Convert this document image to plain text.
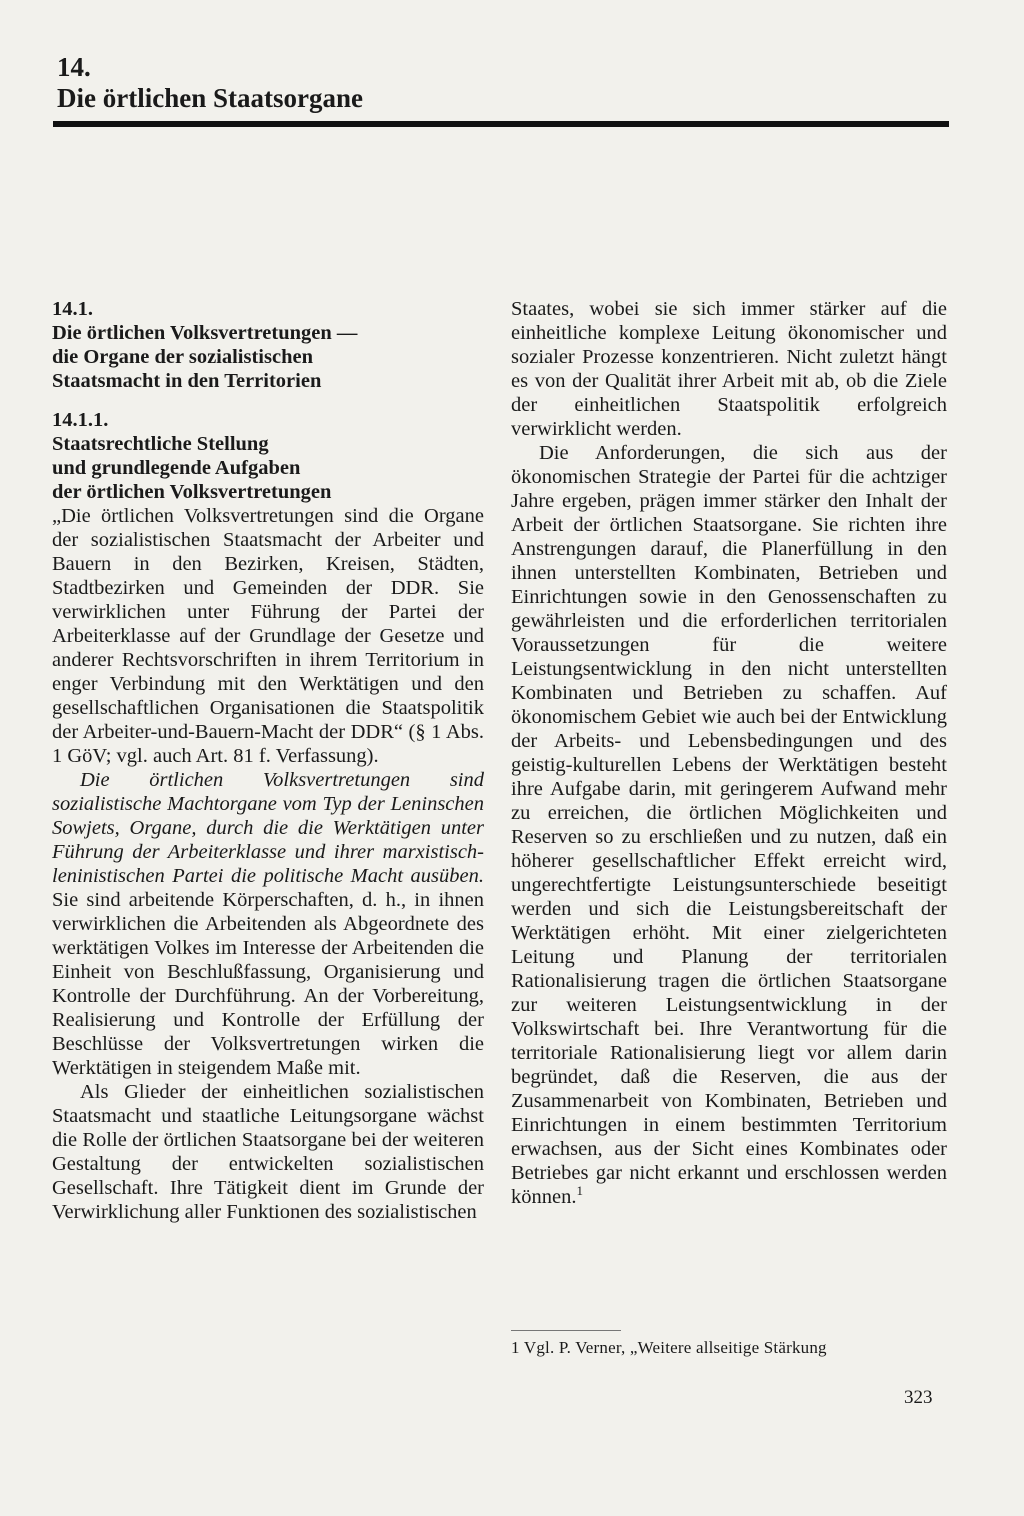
14.
Die örtlichen Staatsorgane
14.1.
Die örtlichen Volksvertretungen —
die Organe der sozialistischen
Staatsmacht in den Territorien
14.1.1.
Staatsrechtliche Stellung
und grundlegende Aufgaben
der örtlichen Volksvertretungen

„Die örtlichen Volksvertretungen sind die Organe der sozialistischen Staatsmacht der Arbeiter und Bauern in den Bezirken, Kreisen, Städten, Stadtbezirken und Gemeinden der DDR. Sie verwirklichen unter Führung der Partei der Arbeiterklasse auf der Grundlage der Gesetze und anderer Rechtsvorschriften in ihrem Territorium in enger Verbindung mit den Werktätigen und den gesellschaftlichen Organisationen die Staatspolitik der Arbeiter-und-Bauern-Macht der DDR“ (§ 1 Abs. 1 GöV; vgl. auch Art. 81 f. Verfassung).

Die örtlichen Volksvertretungen sind sozialistische Machtorgane vom Typ der Leninschen Sowjets, Organe, durch die die Werktätigen unter Führung der Arbeiterklasse und ihrer marxistisch-leninistischen Partei die politische Macht ausüben. Sie sind arbeitende Körperschaften, d. h., in ihnen verwirklichen die Arbeitenden als Abgeordnete des werktätigen Volkes im Interesse der Arbeitenden die Einheit von Beschlußfassung, Organisierung und Kontrolle der Durchführung. An der Vorbereitung, Realisierung und Kontrolle der Erfüllung der Beschlüsse der Volksvertretungen wirken die Werktätigen in steigendem Maße mit.

Als Glieder der einheitlichen sozialistischen Staatsmacht und staatliche Leitungsorgane wächst die Rolle der örtlichen Staatsorgane bei der weiteren Gestaltung der entwickelten sozialistischen Gesellschaft. Ihre Tätigkeit dient im Grunde der Verwirklichung aller Funktionen des sozialistischen

Staates, wobei sie sich immer stärker auf die einheitliche komplexe Leitung ökonomischer und sozialer Prozesse konzentrieren. Nicht zuletzt hängt es von der Qualität ihrer Arbeit mit ab, ob die Ziele der einheitlichen Staatspolitik erfolgreich verwirklicht werden.

Die Anforderungen, die sich aus der ökonomischen Strategie der Partei für die achtziger Jahre ergeben, prägen immer stärker den Inhalt der Arbeit der örtlichen Staatsorgane. Sie richten ihre Anstrengungen darauf, die Planerfüllung in den ihnen unterstellten Kombinaten, Betrieben und Einrichtungen sowie in den Genossenschaften zu gewährleisten und die erforderlichen territorialen Voraussetzungen für die weitere Leistungsentwicklung in den nicht unterstellten Kombinaten und Betrieben zu schaffen. Auf ökonomischem Gebiet wie auch bei der Entwicklung der Arbeits- und Lebensbedingungen und des geistig-kulturellen Lebens der Werktätigen besteht ihre Aufgabe darin, mit geringerem Aufwand mehr zu erreichen, die örtlichen Möglichkeiten und Reserven so zu erschließen und zu nutzen, daß ein höherer gesellschaftlicher Effekt erreicht wird, ungerechtfertigte Leistungsunterschiede beseitigt werden und sich die Leistungsbereitschaft der Werktätigen erhöht. Mit einer zielgerichteten Leitung und Planung der territorialen Rationalisierung tragen die örtlichen Staatsorgane zur weiteren Leistungsentwicklung in der Volkswirtschaft bei. Ihre Verantwortung für die territoriale Rationalisierung liegt vor allem darin begründet, daß die Reserven, die aus der Zusammenarbeit von Kombinaten, Betrieben und Einrichtungen in einem bestimmten Territorium erwachsen, aus der Sicht eines Kombinates oder Betriebes gar nicht erkannt und erschlossen werden können.$^1$

1 Vgl. P. Verner, „Weitere allseitige Stärkung
323
